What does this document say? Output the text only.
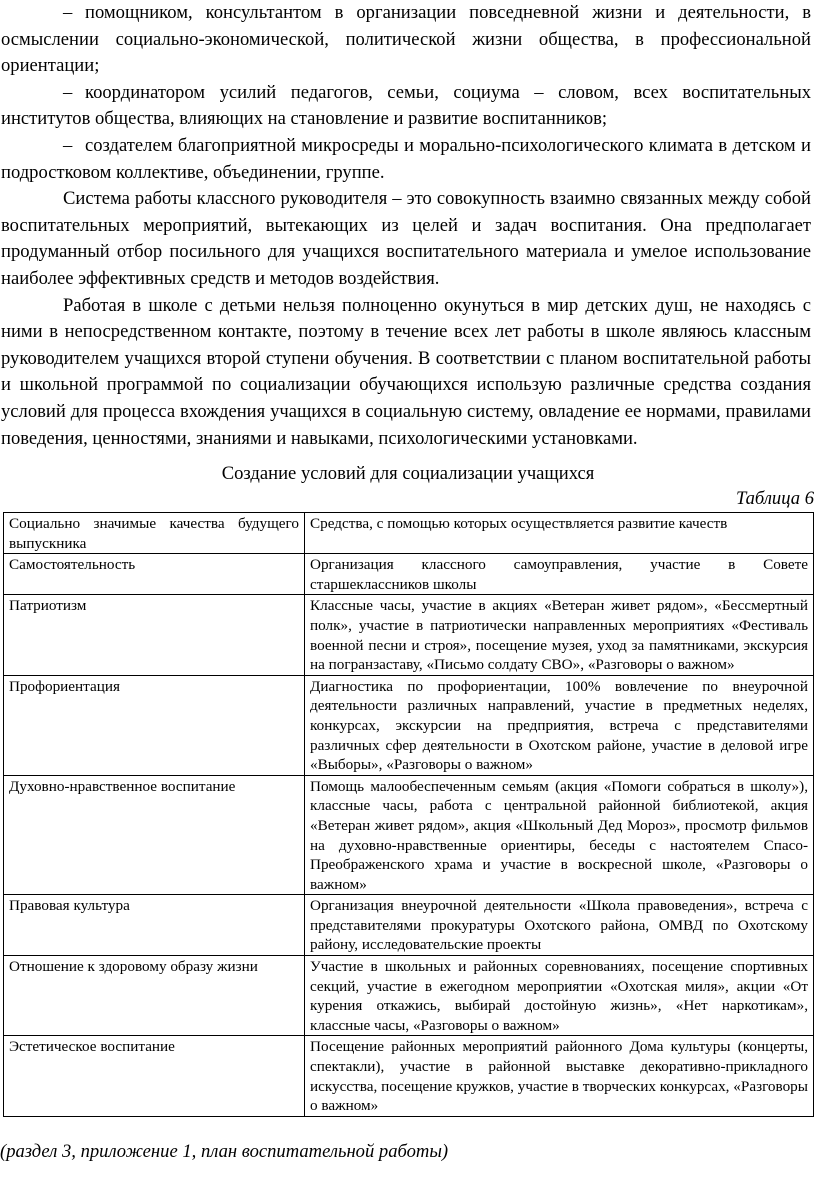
– помощником, консультантом в организации повседневной жизни и деятельности, в осмыслении социально-экономической, политической жизни общества, в профессиональной ориентации;

– координатором усилий педагогов, семьи, социума – словом, всех воспитательных институтов общества, влияющих на становление и развитие воспитанников;

– создателем благоприятной микросреды и морально-психологического климата в детском и подростковом коллективе, объединении, группе.

Система работы классного руководителя – это совокупность взаимно связанных между собой воспитательных мероприятий, вытекающих из целей и задач воспитания. Она предполагает продуманный отбор посильного для учащихся воспитательного материала и умелое использование наиболее эффективных средств и методов воздействия.

Работая в школе с детьми нельзя полноценно окунуться в мир детских душ, не находясь с ними в непосредственном контакте, поэтому в течение всех лет работы в школе являюсь классным руководителем учащихся второй ступени обучения. В соответствии с планом воспитательной работы и школьной программой по социализации обучающихся использую различные средства создания условий для процесса вхождения учащихся в социальную систему, овладение ее нормами, правилами поведения, ценностями, знаниями и навыками, психологическими установками.

Создание условий для социализации учащихся
Таблица 6
Социально значимые качества будущего выпускника	Средства, с помощью которых осуществляется развитие качеств
Самостоятельность	Организация классного самоуправления, участие в Совете старшеклассников школы
Патриотизм	Классные часы, участие в акциях «Ветеран живет рядом», «Бессмертный полк», участие в патриотически направленных мероприятиях «Фестиваль военной песни и строя», посещение музея, уход за памятниками, экскурсия на погранзаставу, «Письмо солдату СВО», «Разговоры о важном»
Профориентация	Диагностика по профориентации, 100% вовлечение по внеурочной деятельности различных направлений, участие в предметных неделях, конкурсах, экскурсии на предприятия, встреча с представителями различных сфер деятельности в Охотском районе, участие в деловой игре «Выборы», «Разговоры о важном»
Духовно-нравственное воспитание	Помощь малообеспеченным семьям (акция «Помоги собраться в школу»), классные часы, работа с центральной районной библиотекой, акция «Ветеран живет рядом», акция «Школьный Дед Мороз», просмотр фильмов на духовно-нравственные ориентиры, беседы с настоятелем Спасо-Преображенского храма и участие в воскресной школе, «Разговоры о важном»
Правовая культура	Организация внеурочной деятельности «Школа правоведения», встреча с представителями прокуратуры Охотского района, ОМВД по Охотскому району, исследовательские проекты
Отношение к здоровому образу жизни	Участие в школьных и районных соревнованиях, посещение спортивных секций, участие в ежегодном мероприятии «Охотская миля», акции «От курения откажись, выбирай достойную жизнь», «Нет наркотикам», классные часы, «Разговоры о важном»
Эстетическое воспитание	Посещение районных мероприятий районного Дома культуры (концерты, спектакли), участие в районной выставке декоративно-прикладного искусства, посещение кружков, участие в творческих конкурсах, «Разговоры о важном»
(раздел 3, приложение 1, план воспитательной работы)
